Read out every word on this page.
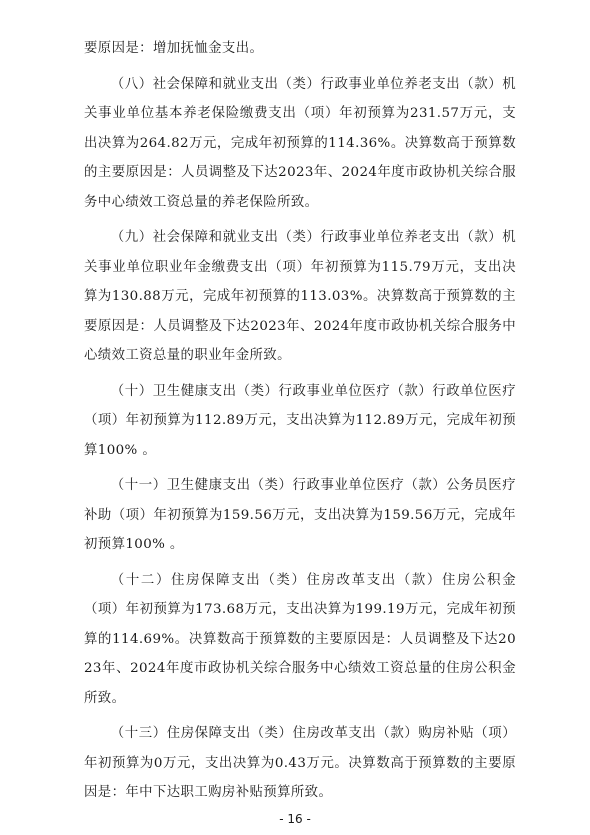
要原因是：增加抚恤金支出。

（八）社会保障和就业支出（类）行政事业单位养老支出（款）机关事业单位基本养老保险缴费支出（项）年初预算为231.57万元，支出决算为264.82万元，完成年初预算的114.36%。决算数高于预算数的主要原因是：人员调整及下达2023年、2024年度市政协机关综合服务中心绩效工资总量的养老保险所致。

（九）社会保障和就业支出（类）行政事业单位养老支出（款）机关事业单位职业年金缴费支出（项）年初预算为115.79万元，支出决算为130.88万元，完成年初预算的113.03%。决算数高于预算数的主要原因是：人员调整及下达2023年、2024年度市政协机关综合服务中心绩效工资总量的职业年金所致。

（十）卫生健康支出（类）行政事业单位医疗（款）行政单位医疗（项）年初预算为112.89万元，支出决算为112.89万元，完成年初预算100% 。

（十一）卫生健康支出（类）行政事业单位医疗（款）公务员医疗补助（项）年初预算为159.56万元，支出决算为159.56万元，完成年初预算100% 。

（十二）住房保障支出（类）住房改革支出（款）住房公积金（项）年初预算为173.68万元，支出决算为199.19万元，完成年初预算的114.69%。决算数高于预算数的主要原因是：人员调整及下达2023年、2024年度市政协机关综合服务中心绩效工资总量的住房公积金所致。

（十三）住房保障支出（类）住房改革支出（款）购房补贴（项）年初预算为0万元，支出决算为0.43万元。决算数高于预算数的主要原因是：年中下达职工购房补贴预算所致。

- 16 -
